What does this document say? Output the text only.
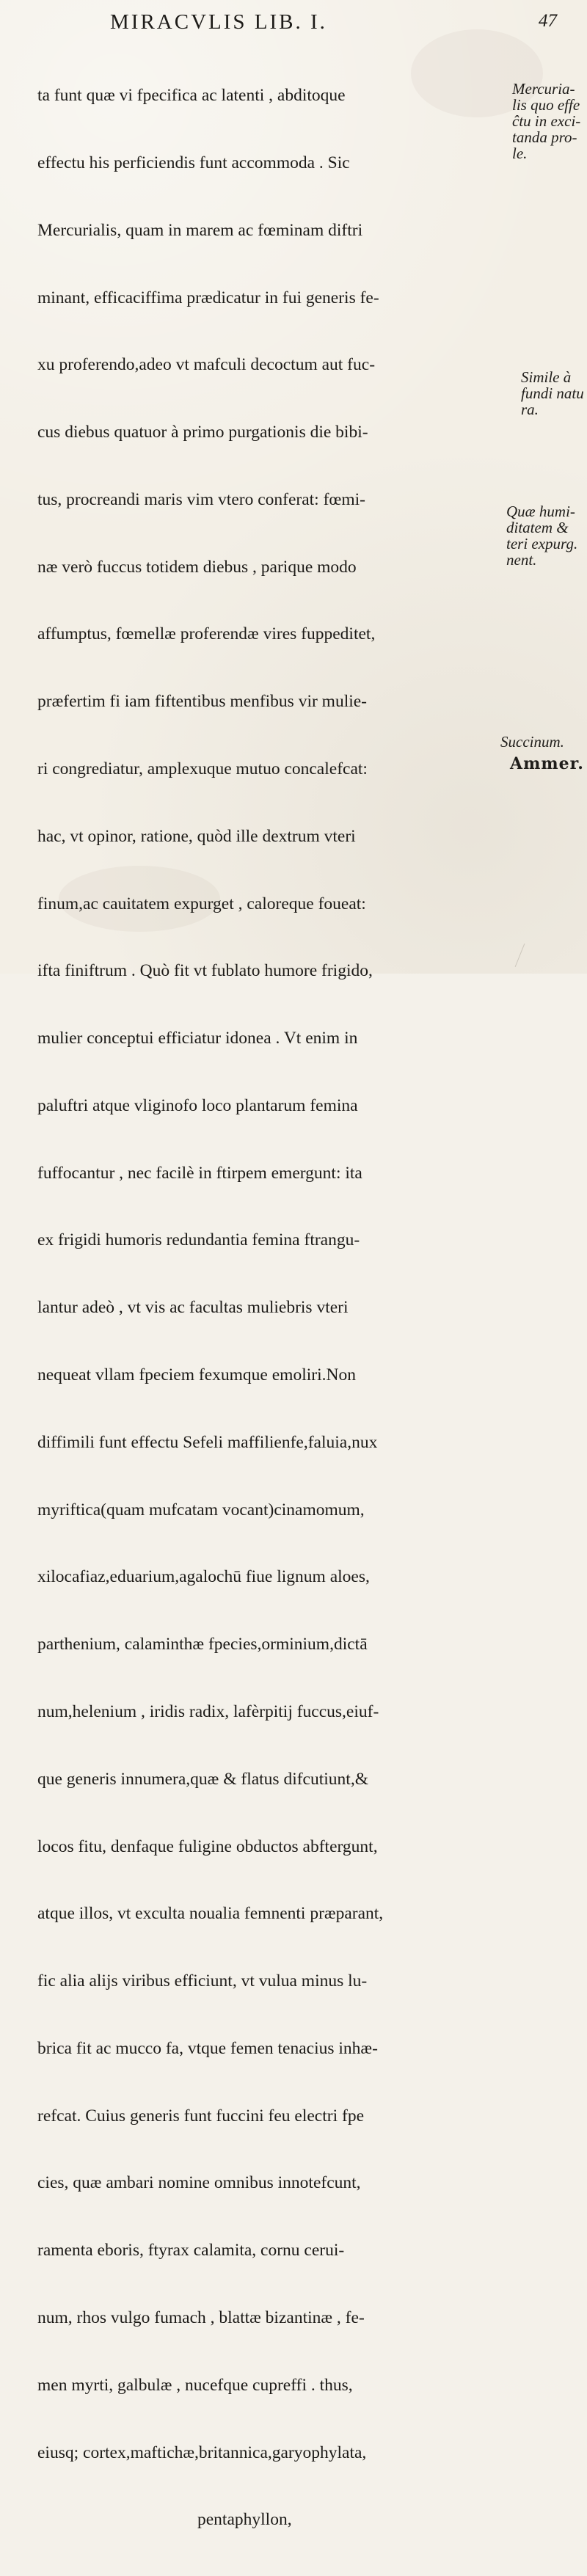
MIRACVLIS LIB. I.	47

ta funt quæ vi fpecifica ac latenti , abditoque

effectu his perficiendis funt accommoda . Sic

Mercurialis, quam in marem ac fœminam diftri

minant, efficaciffima prædicatur in fui generis fe-

xu proferendo,adeo vt mafculi decoctum aut fuc-

cus diebus quatuor à primo purgationis die bibi-

tus, procreandi maris vim vtero conferat: fœmi-

næ verò fuccus totidem diebus , parique modo

affumptus, fœmellæ proferendæ vires fuppeditet,

præfertim fi iam fiftentibus menfibus vir mulie-

ri congrediatur, amplexuque mutuo concalefcat:

hac, vt opinor, ratione, quòd ille dextrum vteri

finum,ac cauitatem expurget , caloreque foueat:

ifta finiftrum . Quò fit vt fublato humore frigido,

mulier conceptui efficiatur idonea . Vt enim in

paluftri atque vliginofo loco plantarum femina

fuffocantur , nec facilè in ftirpem emergunt: ita

ex frigidi humoris redundantia femina ftrangu-

lantur adeò , vt vis ac facultas muliebris vteri

nequeat vllam fpeciem fexumque emoliri.Non

diffimili funt effectu Sefeli maffilienfe,faluia,nux

myriftica(quam mufcatam vocant)cinamomum,

xilocafiaz,eduarium,agalochū fiue lignum aloes,

parthenium, calaminthæ fpecies,orminium,dictā

num,helenium , iridis radix, lafèrpitij fuccus,eiuf-

que generis innumera,quæ & flatus difcutiunt,&

locos fitu, denfaque fuligine obductos abftergunt,

atque illos, vt exculta noualia femnenti præparant,

fic alia alijs viribus efficiunt, vt vulua minus lu-

brica fit ac mucco fa, vtque femen tenacius inhæ-

refcat. Cuius generis funt fuccini feu electri fpe

cies, quæ ambari nomine omnibus innotefcunt,

ramenta eboris, ftyrax calamita, cornu cerui-

num, rhos vulgo fumach , blattæ bizantinæ , fe-

men myrti, galbulæ , nucefque cupreffi . thus,

eiusq; cortex,maftichæ,britannica,garyophylata,

pentaphyllon,

Mercuria-
lis quo effe
ĉtu in exci-
tanda pro-
le.
Simile à
fundi natu
ra.
Quæ humi-
ditatem &
teri expurg.
nent.
Succinum.
Ammer.
